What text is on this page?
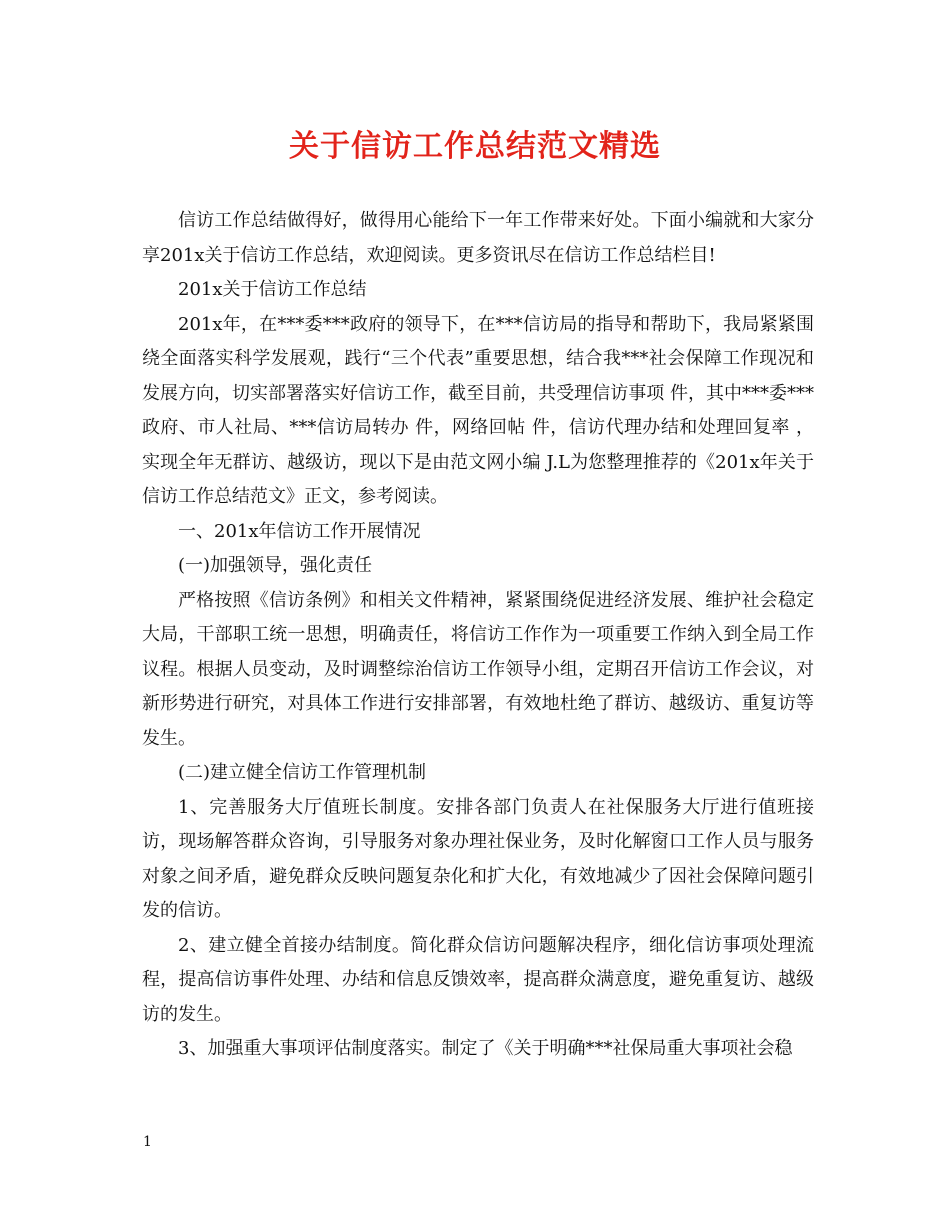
关于信访工作总结范文精选

信访工作总结做得好，做得用心能给下一年工作带来好处。下面小编就和大家分享201x关于信访工作总结，欢迎阅读。更多资讯尽在信访工作总结栏目!

201x关于信访工作总结

201x年，在***委***政府的领导下，在***信访局的指导和帮助下，我局紧紧围绕全面落实科学发展观，践行“三个代表”重要思想，结合我***社会保障工作现况和发展方向，切实部署落实好信访工作，截至目前，共受理信访事项 件，其中***委***政府、市人社局、***信访局转办 件，网络回帖 件，信访代理办结和处理回复率 ，实现全年无群访、越级访，现以下是由范文网小编 J.L为您整理推荐的《201x年关于信访工作总结范文》正文，参考阅读。

一、201x年信访工作开展情况

(一)加强领导，强化责任

严格按照《信访条例》和相关文件精神，紧紧围绕促进经济发展、维护社会稳定大局，干部职工统一思想，明确责任，将信访工作作为一项重要工作纳入到全局工作议程。根据人员变动，及时调整综治信访工作领导小组，定期召开信访工作会议，对新形势进行研究，对具体工作进行安排部署，有效地杜绝了群访、越级访、重复访等发生。

(二)建立健全信访工作管理机制

1、完善服务大厅值班长制度。安排各部门负责人在社保服务大厅进行值班接访，现场解答群众咨询，引导服务对象办理社保业务，及时化解窗口工作人员与服务对象之间矛盾，避免群众反映问题复杂化和扩大化，有效地减少了因社会保障问题引发的信访。

2、建立健全首接办结制度。简化群众信访问题解决程序，细化信访事项处理流程，提高信访事件处理、办结和信息反馈效率，提高群众满意度，避免重复访、越级访的发生。

3、加强重大事项评估制度落实。制定了《关于明确***社保局重大事项社会稳

1
